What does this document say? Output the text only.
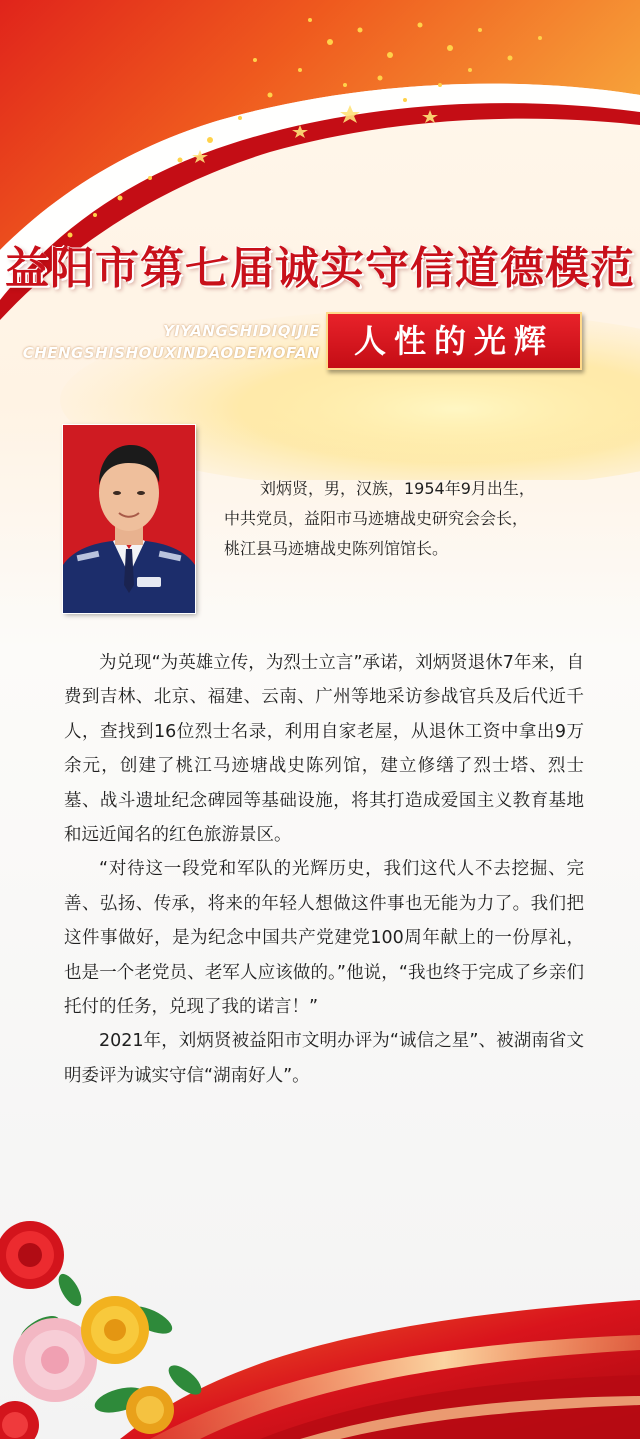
益阳市第七届诚实守信道德模范
YIYANGSHIDIQIJIE
CHENGSHISHOUXINDAODEMOFAN	人性的光辉

刘炳贤，男，汉族，1954年9月出生，

中共党员，益阳市马迹塘战史研究会会长，

桃江县马迹塘战史陈列馆馆长。

为兑现“为英雄立传，为烈士立言”承诺，刘炳贤退休7年来，自费到吉林、北京、福建、云南、广州等地采访参战官兵及后代近千人，查找到16位烈士名录，利用自家老屋，从退休工资中拿出9万余元，创建了桃江马迹塘战史陈列馆，建立修缮了烈士塔、烈士墓、战斗遗址纪念碑园等基础设施，将其打造成爱国主义教育基地和远近闻名的红色旅游景区。

“对待这一段党和军队的光辉历史，我们这代人不去挖掘、完善、弘扬、传承，将来的年轻人想做这件事也无能为力了。我们把这件事做好，是为纪念中国共产党建党100周年献上的一份厚礼，也是一个老党员、老军人应该做的。”他说，“我也终于完成了乡亲们托付的任务，兑现了我的诺言！”

2021年，刘炳贤被益阳市文明办评为“诚信之星”、被湖南省文明委评为诚实守信“湖南好人”。
